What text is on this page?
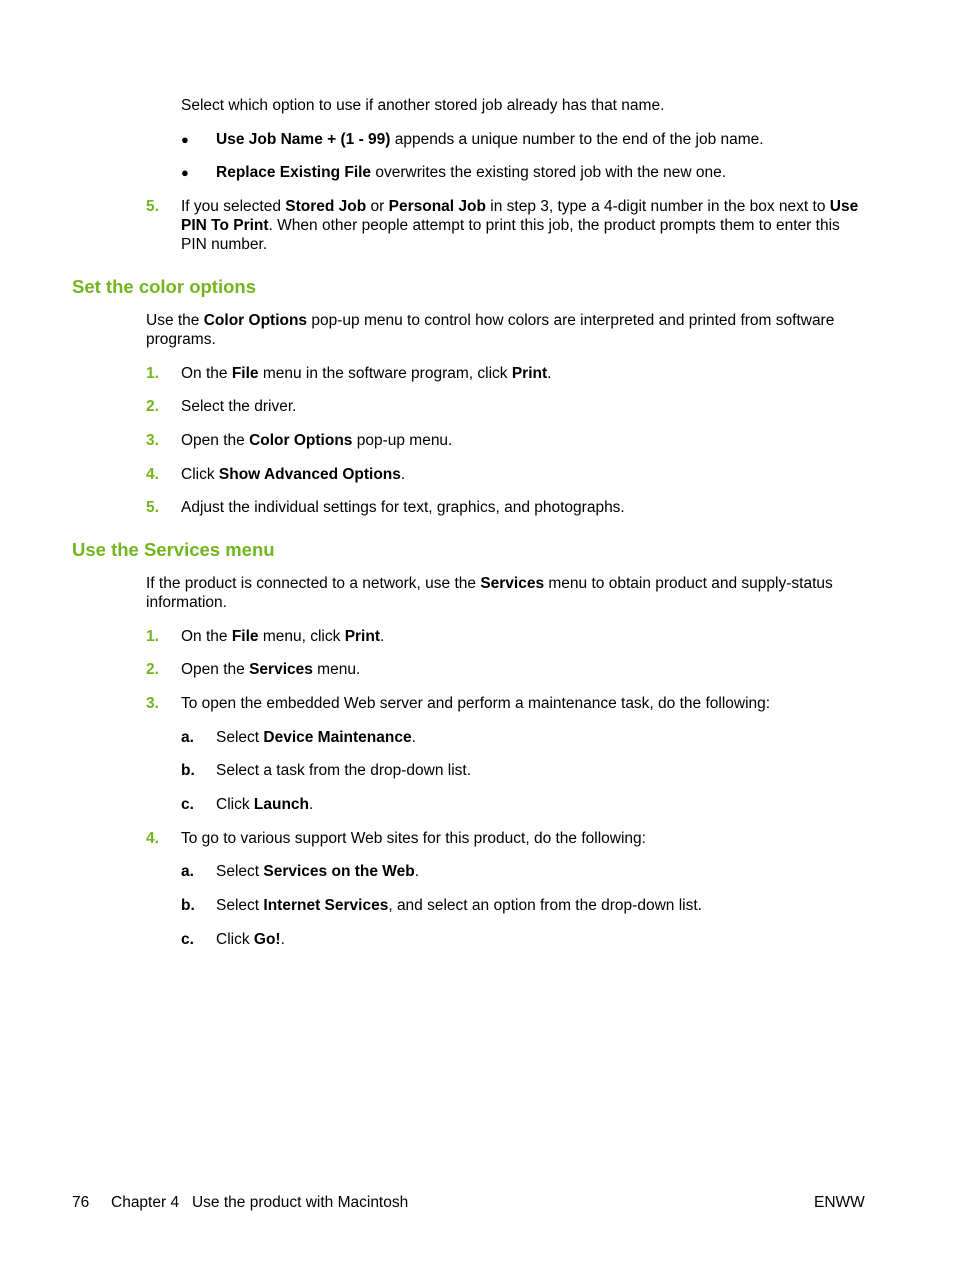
Select which option to use if another stored job already has that name.
● Use Job Name + (1 - 99) appends a unique number to the end of the job name.
● Replace Existing File overwrites the existing stored job with the new one.
5. If you selected Stored Job or Personal Job in step 3, type a 4-digit number in the box next to Use
PIN To Print. When other people attempt to print this job, the product prompts them to enter this
PIN number.
Set the color options
Use the Color Options pop-up menu to control how colors are interpreted and printed from software
programs.
1. On the File menu in the software program, click Print.
2. Select the driver.
3. Open the Color Options pop-up menu.
4. Click Show Advanced Options.
5. Adjust the individual settings for text, graphics, and photographs.
Use the Services menu
If the product is connected to a network, use the Services menu to obtain product and supply-status
information.
1. On the File menu, click Print.
2. Open the Services menu.
3. To open the embedded Web server and perform a maintenance task, do the following:
a. Select Device Maintenance.
b. Select a task from the drop-down list.
c. Click Launch.
4. To go to various support Web sites for this product, do the following:
a. Select Services on the Web.
b. Select Internet Services, and select an option from the drop-down list.
c. Click Go!.
76 Chapter 4   Use the product with Macintosh	ENWW
